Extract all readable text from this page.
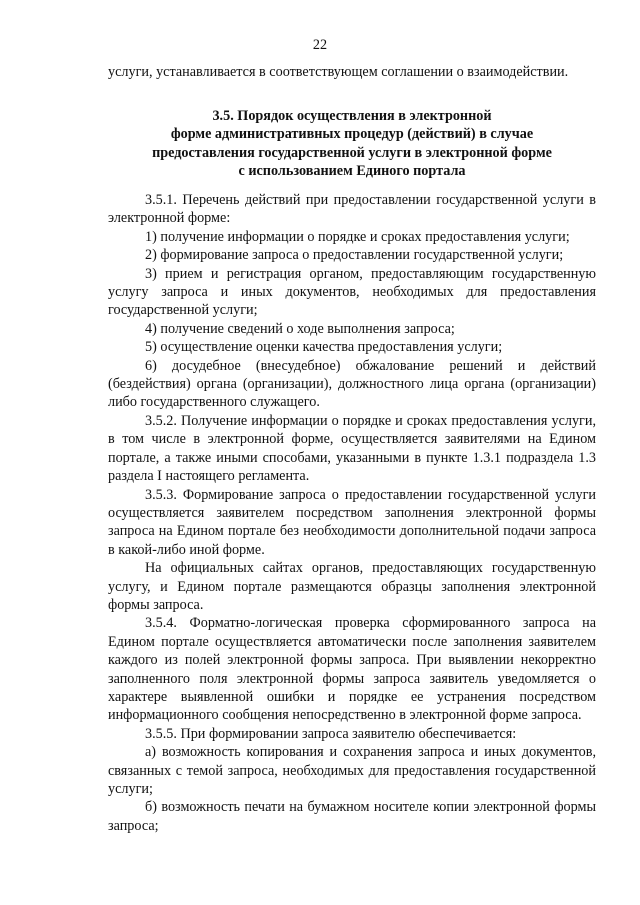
22

услуги, устанавливается в соответствующем соглашении о взаимодействии.

3.5. Порядок осуществления в электронной
форме административных процедур (действий) в случае
предоставления государственной услуги в электронной форме
с использованием Единого портала

3.5.1. Перечень действий при предоставлении государственной услуги в электронной форме:

1) получение информации о порядке и сроках предоставления услуги;

2) формирование запроса о предоставлении государственной услуги;

3) прием и регистрация органом, предоставляющим государственную услугу запроса и иных документов, необходимых для предоставления государственной услуги;

4) получение сведений о ходе выполнения запроса;

5) осуществление оценки качества предоставления услуги;

6) досудебное (внесудебное) обжалование решений и действий (бездействия) органа (организации), должностного лица органа (организации) либо государственного служащего.

3.5.2. Получение информации о порядке и сроках предоставления услуги, в том числе в электронной форме, осуществляется заявителями на Едином портале, а также иными способами, указанными в пункте 1.3.1 подраздела 1.3 раздела I настоящего регламента.

3.5.3. Формирование запроса о предоставлении государственной услуги осуществляется заявителем посредством заполнения электронной формы запроса на Едином портале без необходимости дополнительной подачи запроса в какой-либо иной форме.

На официальных сайтах органов, предоставляющих государственную услугу, и Едином портале размещаются образцы заполнения электронной формы запроса.

3.5.4. Форматно-логическая проверка сформированного запроса на Едином портале осуществляется автоматически после заполнения заявителем каждого из полей электронной формы запроса. При выявлении некорректно заполненного поля электронной формы запроса заявитель уведомляется о характере выявленной ошибки и порядке ее устранения посредством информационного сообщения непосредственно в электронной форме запроса.

3.5.5. При формировании запроса заявителю обеспечивается:

а) возможность копирования и сохранения запроса и иных документов, связанных с темой запроса, необходимых для предоставления государственной услуги;

б) возможность печати на бумажном носителе копии электронной формы запроса;
